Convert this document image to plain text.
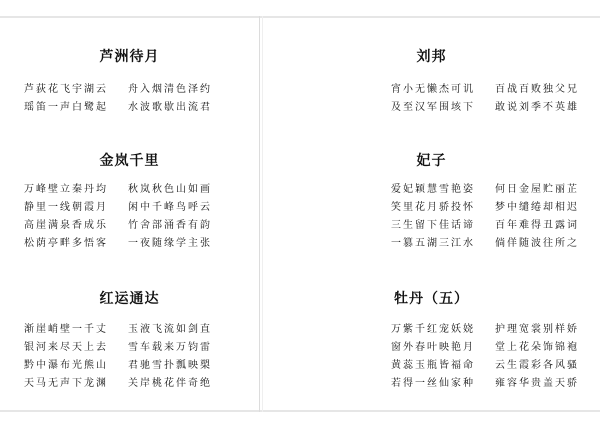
芦洲待月
芦荻花飞宇湖云 舟入烟清色泽约
瑶笛一声白鹭起 水波歌歇出流君
金岚千里
万峰壁立秦丹均 秋岚秋色山如画
静里一线朝霞月 闲中千峰鸟呼云
高崖满泉香成乐 竹舍部涌香有韵
松荫亭畔多悟客 一夜随缘学主张
红运通达
渐崖峭壁一千丈 玉液飞流如剑直
银河来尽天上去 雪车载来万钧雷
黔中瀑布光熊山 君驰雪扑瓢映槊
天马无声下龙渊 关岸桃花伴奇绝
刘邦
宵小无懒杰可讥 百战百败独父兄
及至汉军围垓下 敢说刘季不英雄
妃子
爱妃颖慧雪艳姿 何日金屋贮丽芷
笑里花月骄投怀 梦中缱绻却相迟
三生留下佳话谛 百年难得丑露词
一篡五湖三江水 倘佯随波往所之
牡丹（五）
万紫千红宠妖娆 护理宽裳别样娇
窗外春叶映艳月 堂上花朵饰锦袍
黄蕊玉瓶皆福命 云生霞彩各风骚
若得一丝仙家种 雍容华贵盖天骄
